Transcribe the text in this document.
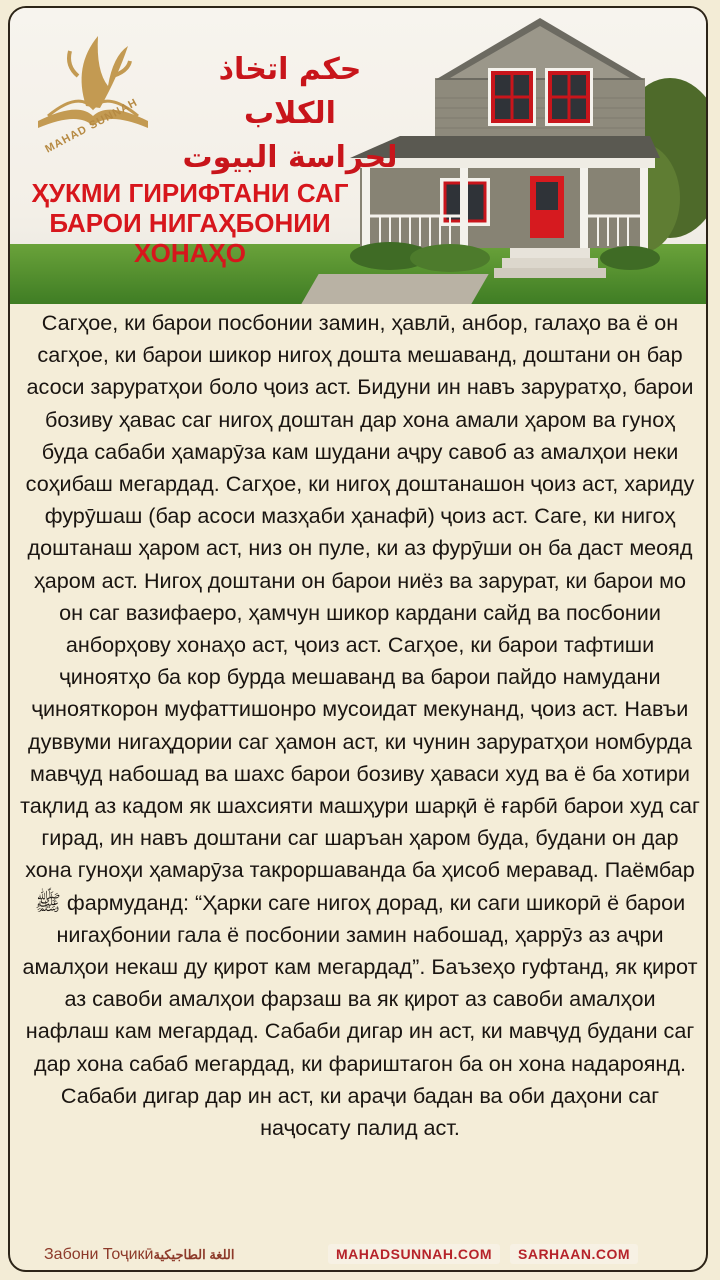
MAHAD SUNNAH
حكم اتخاذ الكلاب
لحراسة البيوت
ҲУКМИ ГИРИФТАНИ САГ БАРОИ НИГАҲБОНИИ ХОНАҲО
Сагҳое, ки барои посбонии замин, ҳавлӣ, анбор, галаҳо ва ё он сагҳое, ки барои шикор нигоҳ дошта мешаванд, доштани он бар асоси заруратҳои боло ҷоиз аст. Бидуни ин навъ заруратҳо, барои бозиву ҳавас саг нигоҳ доштан дар хона амали ҳаром ва гуноҳ буда сабаби ҳамарӯза кам шудани аҷру савоб аз амалҳои неки соҳибаш мегардад. Сагҳое, ки нигоҳ доштанашон ҷоиз аст, хариду фурӯшаш (бар асоси мазҳаби ҳанафӣ) ҷоиз аст. Саге, ки нигоҳ доштанаш ҳаром аст, низ он пуле, ки аз фурӯши он ба даст меояд ҳаром аст. Нигоҳ доштани он барои ниёз ва зарурат, ки барои мо он саг вазифаеро, ҳамчун шикор кардани сайд ва посбонии анборҳову хонаҳо аст, ҷоиз аст. Сагҳое, ки барои тафтиши ҷиноятҳо ба кор бурда мешаванд ва барои пайдо намудани ҷинояткорон муфаттишонро мусоидат мекунанд, ҷоиз аст. Навъи дуввуми нигаҳдории саг ҳамон аст, ки чунин заруратҳои номбурда мавҷуд набошад ва шахс барои бозиву ҳаваси худ ва ё ба хотири тақлид аз кадом як шахсияти машҳури шарқӣ ё ғарбӣ барои худ саг гирад, ин навъ доштани саг шаръан ҳаром буда, будани он дар хона гуноҳи ҳамарӯза такроршаванда ба ҳисоб меравад. Паёмбар ﷺ фармуданд: “Ҳарки саге нигоҳ дорад, ки саги шикорӣ ё барои нигаҳбонии гала ё посбонии замин набошад, ҳаррӯз аз аҷри амалҳои некаш ду қирот кам мегардад”. Баъзеҳо гуфтанд, як қирот аз савоби амалҳои фарзаш ва як қирот аз савоби амалҳои нафлаш кам мегардад. Сабаби дигар ин аст, ки мавҷуд будани саг дар хона сабаб мегардад, ки фариштагон ба он хона надароянд. Сабаби дигар дар ин аст, ки араҷи бадан ва оби даҳони саг наҷосату палид аст.
Забони Тоҷикӣاللغة الطاجيكية	MAHADSUNNAH.COM	SARHAAN.COM
